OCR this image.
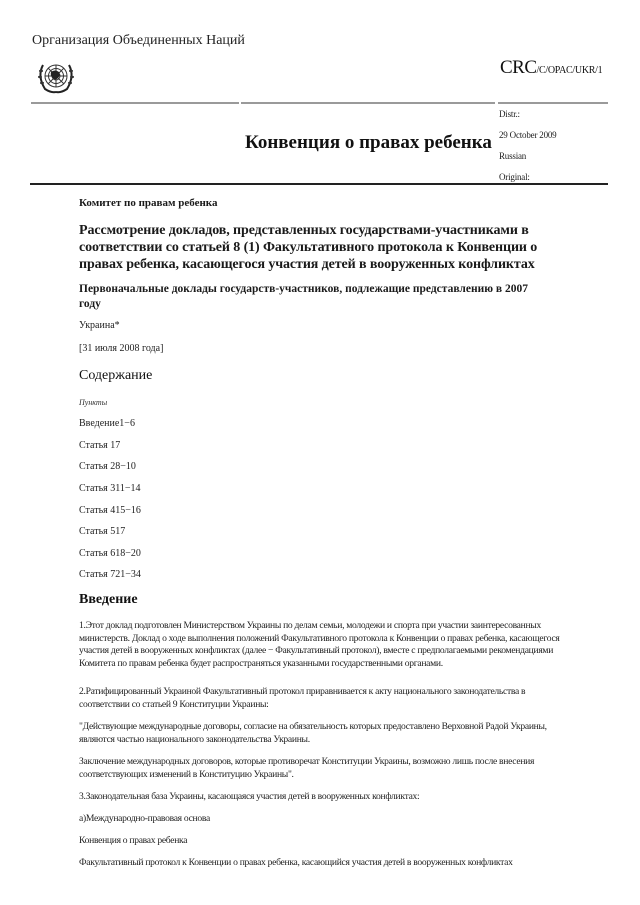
Организация Объединенных Наций
CRC/C/OPAC/UKR/1
Конвенция о правах ребенка
Distr.:
29 October 2009
Russian
Original:
Комитет по правам ребенка
Рассмотрение докладов, представленных государствами-участниками в соответствии со статьей 8 (1) Факультативного протокола к Конвенции о правах ребенка, касающегося участия детей в вооруженных конфликтах
Первоначальные доклады государств-участников, подлежащие представлению в 2007 году
Украина*
[31 июля 2008 года]
Содержание
Пункты
Введение1−6
Статья 17
Статья 28−10
Статья 311−14
Статья 415−16
Статья 517
Статья 618−20
Статья 721−34
Введение
1.Этот доклад подготовлен Министерством Украины по делам семьи, молодежи и спорта при участии заинтересованных министерств. Доклад о ходе выполнения положений Факультативного протокола к Конвенции о правах ребенка, касающегося участия детей в вооруженных конфликтах (далее − Факультативный протокол), вместе с предполагаемыми рекомендациями Комитета по правам ребенка будет распространяться указанными государственными органами.
2.Ратифицированный Украиной Факультативный протокол приравнивается к акту национального законодательства в соответствии со статьей 9 Конституции Украины:
"Действующие международные договоры, согласие на обязательность которых предоставлено Верховной Радой Украины, являются частью национального законодательства Украины.
Заключение международных договоров, которые противоречат Конституции Украины, возможно лишь после внесения соответствующих изменений в Конституцию Украины".
3.Законодательная база Украины, касающаяся участия детей в вооруженных конфликтах:
a)Международно-правовая основа
Конвенция о правах ребенка
Факультативный протокол к Конвенции о правах ребенка, касающийся участия детей в вооруженных конфликтах
